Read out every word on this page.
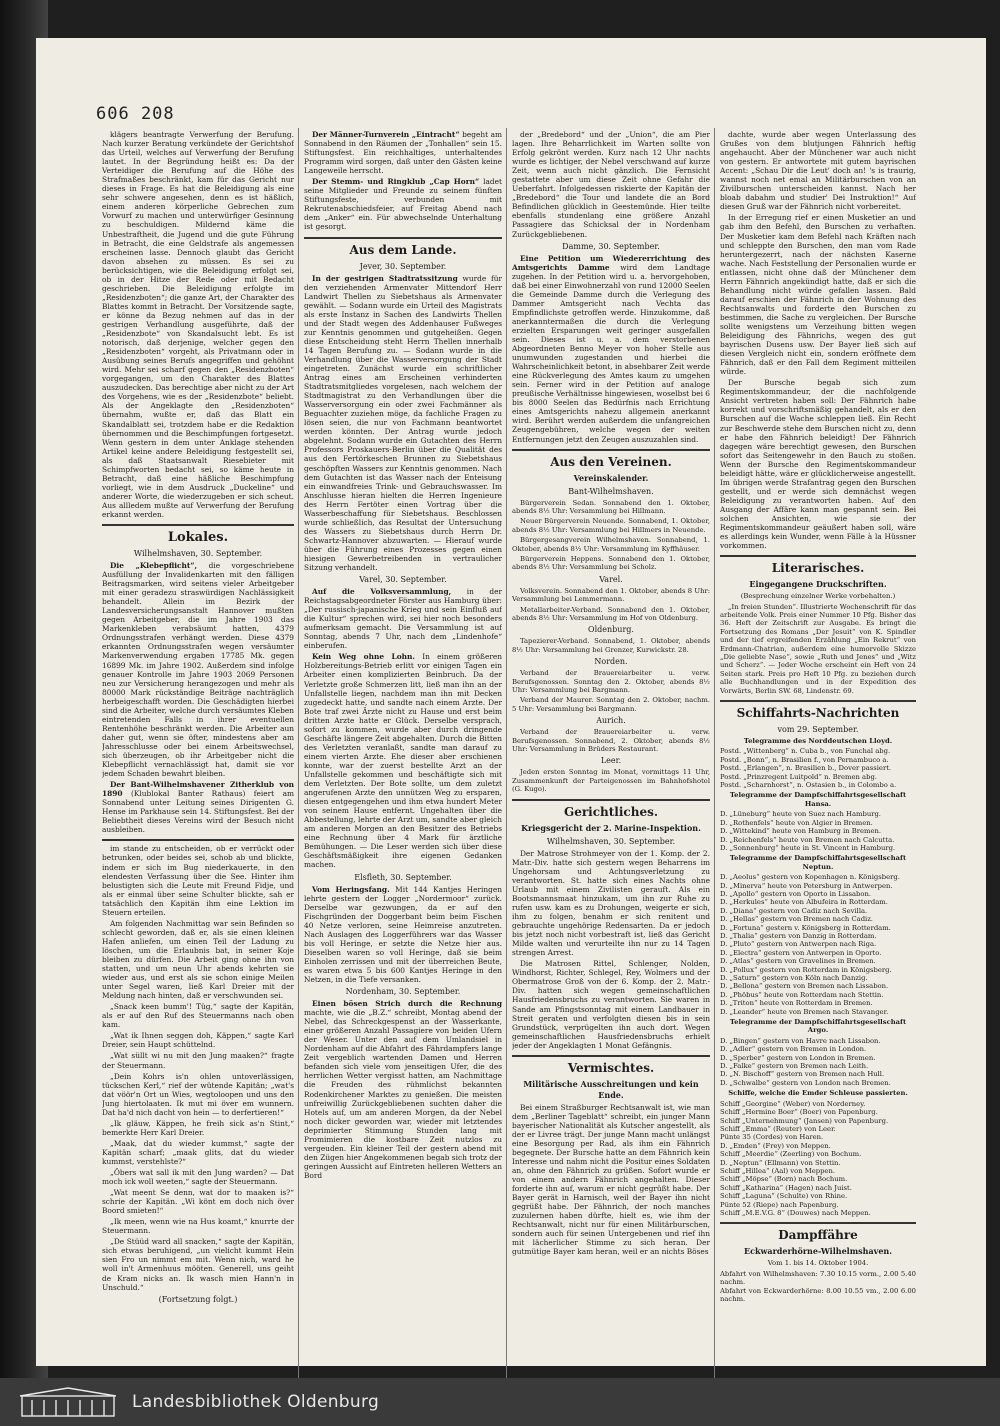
606 208

klägers beantragte Verwerfung der Berufung. Nach kurzer Beratung verkündete der Gerichtshof das Urteil, welches auf Verwerfung der Berufung lautet. In der Begründung heißt es: Da der Verteidiger die Berufung auf die Höhe des Strafmaßes beschränkt, kam für das Gericht nur dieses in Frage. Es hat die Beleidigung als eine sehr schwere angesehen, denn es ist häßlich, einem anderen körperliche Gebrechen zum Vorwurf zu machen und unterwürfiger Gesinnung zu beschuldigen. Mildernd käme die Unbestraftheit, die Jugend und die gute Führung in Betracht, die eine Geldstrafe als angemessen erscheinen lasse. Dennoch glaubt das Gericht davon absehen zu müssen. Es sei zu berücksichtigen, wie die Beleidigung erfolgt sei, ob in der Hitze der Rede oder mit Bedacht geschrieben. Die Beleidigung erfolgte im „Residenzboten“; die ganze Art, der Charakter des Blattes kommt in Betracht. Der Vorsitzende sagte, er könne da Bezug nehmen auf das in der gestrigen Verhandlung ausgeführte, daß der „Residenzbote“ von Skandalsucht lebt. Es ist notorisch, daß derjenige, welcher gegen den „Residenzboten“ vorgeht, als Privatmann oder in Ausübung seines Berufs angegriffen und gehöhnt wird. Mehr sei scharf gegen den „Residenzboten“ vorgegangen, um den Charakter des Blattes auszudecken. Das berechtige aber nicht zu der Art des Vorgehens, wie es der „Residenzbote“ beliebt. Als der Angeklagte den „Residenzboten“ übernahm, wußte er, daß das Blatt ein Skandalblatt sei, trotzdem habe er die Redaktion übernommen und die Beschimpfungen fortgesetzt. Wenn gestern in dem unter Anklage stehenden Artikel keine andere Beleidigung festgestellt sei, als daß Staatsanwalt Riesebieter mit Schimpfworten bedacht sei, so käme heute in Betracht, daß eine häßliche Beschimpfung vorliegt, wie in dem Ausdruck „Duckeline“ und anderer Worte, die wiederzugeben er sich scheut. Aus allledem mußte auf Verwerfung der Berufung erkannt werden.

Lokales.
Wilhelmshaven, 30. September.

Die „Klebepflicht“, die vorgeschriebene Ausfüllung der Invalidenkarten mit den fälligen Beitragsmarken, wird seitens vieler Arbeitgeber mit einer geradezu straswürdigen Nachlässigkeit behandelt. Allein im Bezirk der Landesversicherungsanstalt Hannover mußten gegen Arbeitgeber, die im Jahre 1903 das Markenkleben verabsäumt hatten, 4379 Ordnungsstrafen verhängt werden. Diese 4379 erkannten Ordnungsstrafen wegen versäumter Markenverwendung ergaben 17785 Mk. gegen 16899 Mk. im Jahre 1902. Außerdem sind infolge genauer Kontrolle im Jahre 1903 2069 Personen neu zur Versicherung herangezogen und mehr als 80000 Mark rückständige Beiträge nachträglich herbeigeschafft worden. Die Geschädigten hierbei sind die Arbeiter, welche durch versäumtes Kleben eintretenden Falls in ihrer eventuellen Rentenhöhe beschränkt werden. Die Arbeiter aun daher gut, wenn sie öfter, mindestens aber am Jahresschlusse oder bei einem Arbeitswechsel, sich überzeugen, ob ihr Arbeitgeber nicht die Klebepflicht vernachlässigt hat, damit sie vor jedem Schaden bewahrt bleiben.

Der Bant-Wilhelmshavener Zitherklub von 1890 (Klublokal Banter Rathaus) feiert am Sonnabend unter Leitung seines Dirigenten G. Hense im Parkhause sein 14. Stiftungsfest. Bei der Beliebtheit dieses Vereins wird der Besuch nicht ausbleiben.

im stande zu entscheiden, ob er verrückt oder betrunken, oder beides sei, schob ab und blickte, indem er sich im Bug niederkauerte, in den elendesten Verfassung über die See. Hinter ihm belustigten sich die Leute mit Freund Fidje, und als er einmal über seine Schulter blickte, sah er tatsächlich den Kapitän ihm eine Lektion im Steuern erteilen.

Am folgenden Nachmittag war sein Befinden so schlecht geworden, daß er, als sie einen kleinen Hafen anliefen, um einen Teil der Ladung zu löschen, um die Erlaubnis bat, in seiner Koje bleiben zu dürfen. Die Arbeit ging ohne ihn von statten, und um neun Uhr abends kehrten sie wieder aus, und erst als sie schon einige Meilen unter Segel waren, ließ Karl Dreier mit der Meldung nach hinten, daß er verschwunden sei.

„Snack keen bumm'! Tüg,“ sagte der Kapitän, als er auf den Ruf des Steuermanns nach oben kam.

„Wat ik Ihnen seggen doh, Käppen,“ sagte Karl Dreier, sein Haupt schüttelnd.

„Wat süllt wi nu mit den Jung maaken?“ fragte der Steuermann.

„Dein Kohrs is'n ohlen untoverlässigen, tückschen Kerl,“ rief der wütende Kapitän; „wat's dat vöör'n Ort un Wies, wegtoloopen und uns den Jung hiertolaaten. Ik mut mi över em wunnern. Dat ha'd nich dacht von hein — to derfertieren!“

„Ik gläuw, Käppen, he freih sick as'n Stint,“ bemerkte Herr Karl Dreier.

„Maak, dat du wieder kummst,“ sagte der Kapitän scharf; „maak glits, dat du wieder kummst, verstehlste?“

„Öbers wat sall ik mit den Jung warden? — Dat moch ick woll weeten,“ sagte der Steuermann.

„Wat meent Se denn, wat dor to maaken is?“ schrie der Kapitän. „Wi könt em doch nich över Boord smieten!“

„Ik meen, wenn wie na Hus koamt,“ knurrte der Steuermann.

„De Stüüd ward all snacken,“ sagte der Kapitän, sich etwas beruhigend, „un vielicht kummt Hein sien Fro un nimmt em mit. Wenn nich, ward he woll in't Armenhuus mööten. Generell, uns geiht de Kram nicks an. Ik wasch mien Hann'n in Unschuld.“

(Fortsetzung folgt.)

Der Männer-Turnverein „Eintracht“ begeht am Sonnabend in den Räumen der „Tonhallen“ sein 15. Stiftungsfest. Ein reichhaltiges, unterhaltendes Programm wird sorgen, daß unter den Gästen keine Langeweile herrscht.

Der Stemm- und Ringklub „Cap Horn“ ladet seine Mitglieder und Freunde zu seinem fünften Stiftungsfeste, verbunden mit Rekrutenabschiedsfeier, auf Freitag Abend nach dem „Anker“ ein. Für abwechselnde Unterhaltung ist gesorgt.

Aus dem Lande.
Jever, 30. September.

In der gestrigen Stadtratssitzung wurde für den verziehenden Armenvater Mittendorf Herr Landwirt Thellen zu Siebetshaus als Armenvater gewählt. — Sodann wurde ein Urteil des Magistrats als erste Instanz in Sachen des Landwirts Thellen und der Stadt wegen des Addenhauser Fußweges zur Kenntnis genommen und gutgeheißen. Gegen diese Entscheidung steht Herrn Thellen innerhalb 14 Tagen Berufung zu. — Sodann wurde in die Verhandlung über die Wasserversorgung der Stadt eingetreten. Zunächst wurde ein schriftlicher Antrag eines am Erscheinen verhinderten Stadtratsmitgliedes vorgelesen, nach welchem der Stadtmagistrat zu den Verhandlungen über die Wasserversorgung ein oder zwei Fachmänner als Beguachter zuziehen möge, da fachliche Fragen zu lösen seien, die nur von Fachmann beantwortet werden könnten. Der Antrag wurde jedoch abgelehnt. Sodann wurde ein Gutachten des Herrn Professors Proskauers-Berlin über die Qualität des aus den Fertörkeschen Brunnen zu Siebetshaus geschöpften Wassers zur Kenntnis genommen. Nach dem Gutachten ist das Wasser nach der Enteisung ein einwandfreies Trink- und Gebrauchswasser. Im Anschlusse hieran hielten die Herren Ingenieure des Herrn Fertöter einen Vortrag über die Wasserbeschaffung für Siebetshaus. Beschlossen wurde schließlich, das Resultat der Untersuchung des Wassers zu Siebetshaus durch Herrn Dr. Schwartz-Hannover abzuwarten. — Hierauf wurde über die Führung eines Prozesses gegen einen hiesigen Gewerbetreibenden in vertraulicher Sitzung verhandelt.

Varel, 30. September.

Auf die Volksversammlung, in der Reichstagsabgeordneter Förster aus Hamburg über: „Der russisch-japanische Krieg und sein Einfluß auf die Kultur“ sprechen wird, sei hier noch besonders aufmerksam gemacht. Die Versammlung ist auf Sonntag, abends 7 Uhr, nach dem „Lindenhofe“ einberufen.

Kein Weg ohne Lohn. In einem größeren Holzbereitungs-Betrieb erlitt vor einigen Tagen ein Arbeiter einen komplizierten Beinbruch. Da der Verletzte große Schmerzen litt, ließ man ihn an der Unfallstelle liegen, nachdem man ihn mit Decken zugedeckt hatte, und sandte nach einem Arzte. Der Bote traf zwei Ärzte nicht zu Hause und erst beim dritten Arzte hatte er Glück. Derselbe versprach, sofort zu kommen, wurde aber durch dringende Geschäfte längere Zeit abgehalten. Durch die Bitten des Verletzten veranlaßt, sandte man darauf zu einem vierten Arzte. Ehe dieser aber erschienen konnte, war der zuerst bestellte Arzt an der Unfallstelle gekommen und beschäftigte sich mit dem Verletzten. Der Bote sollte, um dem zuletzt angerufenen Arzte den unnützen Weg zu ersparen, diesen entgegengehen und ihm etwa hundert Meter von seinem Hause entfernt. Ungehalten über die Abbestellung, lehrte der Arzt um, sandte aber gleich am anderen Morgen an den Besitzer des Betriebs eine Rechnung über 4 Mark für ärztliche Bemühungen. — Die Leser werden sich über diese Geschäftsmäßigkeit ihre eigenen Gedanken machen.

Elsfleth, 30. September.

Vom Heringsfang. Mit 144 Kantjes Heringen lehrte gestern der Logger „Nordermoor“ zurück. Derselbe war gezwungen, da er auf den Fischgründen der Doggerbant beim beim Fischen 40 Netze verloren, seine Heimreise anzutreten. Nach Auslagen des Loggerführers war das Wasser bis voll Heringe, er setzte die Netze hier aus. Dieselben waren so voll Heringe, daß sie beim Einholen zerrissen und mit der überreichen Beute, es waren etwa 5 bis 600 Kantjes Heringe in den Netzen, in die Tiefe versanken.

Nordenham, 30. September.

Einen bösen Strich durch die Rechnung machte, wie die „B.Z.“ schreibt, Montag abend der Nebel, das Schreckgespenst an der Wasserkante, einer größeren Anzahl Passagiere von beiden Ufern der Weser. Unter den auf dem Umlandsiel in Nordenham auf die Abfahrt des Fährdampfers lange Zeit vergeblich wartenden Damen und Herren befanden sich viele vom jenseitigen Ufer, die des herrlichen Wetter vergisst hatten, am Nachmittage die Freuden des rühmlichst bekannten Rodenkirchener Marktes zu genießen. Die meisten unfreiwillig Zurückgebliebenen suchten daher die Hotels auf, um am anderen Morgen, da der Nebel noch dicker geworden war, wieder mit letztendes deprimierter Stimmung Stunden lang mit Promimieren die kostbare Zeit nutzlos zu vergeuden. Ein kleiner Teil der gestern abend mit den Zügen hier Angekommenen begab sich trotz der geringen Aussicht auf Eintreten helleren Wetters an Bord

der „Bredebord“ und der „Union“, die am Pier lagen. Ihre Beharrlichkeit im Warten sollte von Erfolg gekrönt werden. Kurz nach 12 Uhr nachts wurde es lichtiger, der Nebel verschwand auf kurze Zeit, wenn auch nicht gänzlich. Die Fernsicht gestattete aber um diese Zeit ohne Gefahr die Ueberfahrt. Infolgedessen riskierte der Kapitän der „Bredebord“ die Tour und landete die an Bord Befindlichen glücklich in Geestemünde. Hier teilte ebenfalls stundenlang eine größere Anzahl Passagiere das Schicksal der in Nordenham Zurückgebliebenen.

Damme, 30. September.

Eine Petition um Wiedererrichtung des Amtsgerichts Damme wird dem Landtage zugehen. In der Petition wird u. a. hervorgehoben, daß bei einer Einwohnerzahl von rund 12000 Seelen die Gemeinde Damme durch die Verlegung des Dammer Amtsgericht nach Vechta das Empfindlichste getroffen werde. Hinzukomme, daß anerkanntermaßen die durch die Verlegung erzielten Ersparungen weit geringer ausgefallen sein. Dieses ist u. a. dem verstorbenen Abgeordneten Benno Meyer von hoher Stelle aus unumwunden zugestanden und hierbei die Wahrscheinlichkeit betont, in absehbarer Zeit werde eine Rückverlegung des Amtes kaum zu umgehen sein. Ferner wird in der Petition auf analoge preußische Verhältnisse hingewiesen, woselbst bei 6 bis 8000 Seelen das Bedürfnis nach Errichtung eines Amtsgerichts nahezu allgemein anerkannt wird. Berührt werden außerdem die unfangreichen Zeugengebühren, welche wegen der weiten Entfernungen jetzt den Zeugen auszuzahlen sind.

Aus den Vereinen.
Vereinskalender.
Bant-Wilhelmshaven.

Bürgerverein Sedan. Sonnabend den 1. Oktober, abends 8½ Uhr: Versammlung bei Hillmann.

Neuer Bürgerverein Neuende. Sonnabend, 1. Oktober, abends 8½ Uhr: Versammlung bei Hillmers in Neuende.

Bürgergesangverein Wilhelmshaven. Sonnabend, 1. Oktober, abends 8½ Uhr: Versammlung im Kyffhäuser.

Bürgerverein Heppens. Sonnabend den 1. Oktober, abends 8½ Uhr: Versammlung bei Scholz.

Varel.

Volksverein. Sonnabend den 1. Oktober, abends 8 Uhr: Versammlung bei Lemmermann.

Metallarbeiter-Verband. Sonnabend den 1. Oktober, abends 8½ Uhr: Versammlung im Hof von Oldenburg.

Oldenburg.

Tapezierer-Verband. Sonnabend, 1. Oktober, abends 8½ Uhr: Versammlung bei Grenzer, Kurwickstr. 28.

Norden.

Verband der Brauereiarbeiter u. verw. Berufsgenossen. Sonntag den 2. Oktober, abends 8½ Uhr: Versammlung bei Bargmann.

Verband der Maurer. Sonntag den 2. Oktober, nachm. 5 Uhr: Versammlung bei Bargmann.

Aurich.

Verband der Brauereiarbeiter u. verw. Berufsgenossen. Sonnabend, 2. Oktober, abends 8½ Uhr: Versammlung in Brüders Restaurant.

Leer.

Jeden ersten Sonntag im Monat, vormittags 11 Uhr, Zusammenkunft der Parteigenossen im Bahnhofshotel (G. Kugo).

Gerichtliches.
Kriegsgericht der 2. Marine-Inspektion.
Wilhelmshaven, 30. September.

Der Matrose Strohmeyer von der 1. Komp. der 2. Matr.-Div. hatte sich gestern wegen Beharrens im Ungehorsam und Achtungsverletzung zu verantworten. St. hatte sich eines Nachts ohne Urlaub mit einem Zivilisten gerauft. Als ein Bootsmannsmaat hinzukam, um ihn zur Ruhe zu rufen usw. kam es zu Drohungen, weigerte er sich, ihm zu folgen, benahm er sich renitent und gebrauchte ungehörige Redensarten. Da er jedoch bis jetzt noch nicht vorbestraft ist, ließ das Gericht Milde walten und verurteilte ihn nur zu 14 Tagen strengen Arrest.

Die Matrosen Rittel, Schlenger, Nolden, Windhorst, Richter, Schlegel, Rey, Wolmers und der Obermatrose Groß von der 6. Komp. der 2. Matr.-Div. hatten sich wegen gemeinschaftlichen Hausfriedensbruchs zu verantworten. Sie waren in Sande am Pfingstsonntag mit einem Landbauer in Streit geraten und verfolgten diesen bis in sein Grundstück, verprügelten ihn auch dort. Wegen gemeinschaftlichen Hausfriedensbruchs erhielt jeder der Angeklagten 1 Monat Gefängnis.

Vermischtes.
Militärische Ausschreitungen und kein Ende.

Bei einem Straßburger Rechtsanwalt ist, wie man dem „Berliner Tageblatt“ schreibt, ein junger Mann bayerischer Nationalität als Kutscher angestellt, als der er Livree trägt. Der junge Mann macht unlängst eine Besorgung per Rad, als ihm ein Fähnrich begegnete. Der Bursche hatte an dem Fähnrich kein Interesse und nahm nicht die Positur eines Soldaten an, ohne den Fähnrich zu grüßen. Sofort wurde er von einem andern Fähnrich angehalten. Dieser forderte ihn auf, warum er nicht gegrüßt habe. Der Bayer gerät in Harnisch, weil der Bayer ihn nicht gegrüßt habe. Der Fähnrich, der noch manches zuzulernen haben dürfte, hielt es, wie ihm der Rechtsanwalt, nicht nur für einen Militärburschen, sondern auch für seinen Untergebenen und rief ihn mit lächerlicher Stimme zu sich heran. Der gutmütige Bayer kam heran, weil er an nichts Böses

dachte, wurde aber wegen Unterlassung des Grußes von dem blutjungen Fähnrich heftig angehaucht. Aber der Münchener war auch nicht von gestern. Er antwortete mit gutem bayrischen Accent: „Schau Dir die Leut' doch an! 's is traurig, wannst noch net emal an Militärburschen von an Zivilburschen unterscheiden kannst. Nach her bloab dabahm und studier' Dei Instruktion!“ Auf diesen Gruß war der Fähnrich nicht vorbereitet.

In der Erregung rief er einen Musketier an und gab ihm den Befehl, den Burschen zu verhaften. Der Musketier kam dem Befehl nach Kräften nach und schleppte den Burschen, den man vom Rade heruntergezerrt, nach der nächsten Kaserne wache. Nach Feststellung der Personalien wurde er entlassen, nicht ohne daß der Münchener dem Herrn Fähnrich angekündigt hatte, daß er sich die Behandlung nicht würde gefallen lassen. Bald darauf erschien der Fähnrich in der Wohnung des Rechtsanwalts und forderte den Burschen zu bestimmen, die Sache zu vergleichen. Der Bursche sollte wenigstens um Verzeihung bitten wegen Beleidigung des Fähnrichs, wegen des gut bayrischen Dusens usw. Der Bayer ließ sich auf diesen Vergleich nicht ein, sondern eröffnete dem Fähnrich, daß er den Fall dem Regiment mitteilen würde.

Der Bursche begab sich zum Regimentskommandeur, der die nachfolgende Ansicht vertreten haben soll: Der Fähnrich habe korrekt und vorschriftsmäßig gehandelt, als er den Burschen auf die Wache schleppen ließ. Ein Recht zur Beschwerde stehe dem Burschen nicht zu, denn er habe den Fähnrich beleidigt! Der Fähnrich dagegen wäre berechtigt gewesen, den Burschen sofort das Seitengewehr in den Bauch zu stoßen. Wenn der Bursche den Regimentskommandeur beleidigt hätte, wäre er glücklicherweise angestellt. Im übrigen werde Strafantrag gegen den Burschen gestellt, und er werde sich demnächst wegen Beleidigung zu verantworten haben. Auf den Ausgang der Affäre kann man gespannt sein. Bei solchen Ansichten, wie sie der Regimentskommandeur geäußert haben soll, wäre es allerdings kein Wunder, wenn Fälle à la Hüssner vorkommen.

Literarisches.
Eingegangene Druckschriften.
(Besprechung einzelner Werke vorbehalten.)

„In freien Stunden“. Illustrierte Wochenschrift für das arbeitende Volk. Preis einer Nummer 10 Pfg. Bisher das 36. Heft der Zeitschrift zur Ausgabe. Es bringt die Fortsetzung des Romans „Der Jesuit“ von K. Spindler und der tief ergreifenden Erzählung „Ein Rekrut“ von Erdmann-Chatrian, außerdem eine humorvolle Skizze „Die geliebte Nase“, sowie „Ruth und Jenes“ und „Witz und Scherz“. — Jeder Woche erscheint ein Heft von 24 Seiten stark. Preis pro Heft 10 Pfg. zu beziehen durch alle Buchhandlungen und in der Expedition des Vorwärts, Berlin SW. 68, Lindenstr. 69.

Schiffahrts-Nachrichten
vom 29. September.
Telegramme des Norddeutschen Lloyd.
Postd. „Wittenberg“ n. Cuba b., von Funchal abg.
Postd. „Bonn“, n. Brasilien f., von Pernambuco a.
Postd. „Erlangen“, n. Brasilien b., Dover passiert.
Postd. „Prinzregent Luitpold“ n. Bremen abg.
Postd. „Scharnhorst“, n. Ostasien b., in Colombo a.
Telegramme der Dampfschiffahrtsgesellschaft Hansa.
D. „Lüneburg“ heute von Suez nach Hamburg.
D. „Rothenfels“ heute von Algier in Bremen.
D. „Wittekind“ heute von Hamburg in Bremen.
D. „Reichenfels“ heute von Bremen nach Calcutta.
D. „Sonnenburg“ heute in St. Vincent in Hamburg.
Telegramme der Dampfschiffahrtsgesellschaft Neptun.
D. „Aeolus“ gestern von Kopenhagen n. Königsberg.
D. „Minerva“ heute von Petersburg in Antwerpen.
D. „Apollo“ gestern von Oporto in Lissabon.
D. „Herkules“ heute von Albufeira in Rotterdam.
D. „Diana“ gestern von Cadiz nach Sevilla.
D. „Hellas“ gestern von Bremen nach Cadiz.
D. „Fortuna“ gestern v. Königsberg in Rotterdam.
D. „Thalia“ gestern von Danzig in Rotterdam.
D. „Pluto“ gestern von Antwerpen nach Riga.
D. „Electra“ gestern von Antwerpen in Oporto.
D. „Atlas“ gestern von Gravelines in Bremen.
D. „Pollux“ gestern von Rotterdam in Königsberg.
D. „Saturn“ gestern von Köln nach Danzig.
D. „Bellona“ gestern von Bremen nach Lissabon.
D. „Phöbus“ heute von Rotterdam nach Stettin.
D. „Triton“ heute von Rotterdam in Bremen.
D. „Leander“ heute von Bremen nach Stavanger.
Telegramme der Dampfschiffahrtsgesellschaft Argo.
D. „Bingen“ gestern von Havre nach Lissabon.
D. „Adler“ gestern von Bremen in London.
D. „Sperber“ gestern von London in Bremen.
D. „Falke“ gestern von Bremen nach Leith.
D. „N. Bischoff“ gestern von Bremen nach Hull.
D. „Schwalbe“ gestern von London nach Bremen.
Schiffe, welche die Emder Schleuse passierten.
Schiff „Georgine“ (Weber) von Norderney.
Schiff „Hermine Boer“ (Boer) von Papenburg.
Schiff „Unternehmung“ (Jansen) von Papenburg.
Schiff „Emma“ (Reuter) von Leer.
Pünte 35 (Cordes) von Haren.
D. „Emden“ (Frey) von Meppen.
Schiff „Meerdie“ (Zeerling) von Bochum.
D. „Neptun“ (Ellmann) von Stettin.
Schiff „Hillea“ (Aal) von Meppen.
Schiff „Möpse“ (Born) nach Bochum.
Schiff „Katharina“ (Hagen) nach Juist.
Schiff „Laguna“ (Schulte) von Rhine.
Pünte 52 (Riepe) nach Papenburg.
Schiff „M.E.V.G. 8“ (Douwes) nach Meppen.
Dampffähre
Eckwarderhörne-Wilhelmshaven.
Vom 1. bis 14. Oktober 1904.
Abfahrt von Wilhelmshaven: 7.30 10.15 vorm., 2.00 5.40 nachm.
Abfahrt von Eckwarderhörne: 8.00 10.55 vm., 2.00 6.00 nachm.
Landesbibliothek Oldenburg
